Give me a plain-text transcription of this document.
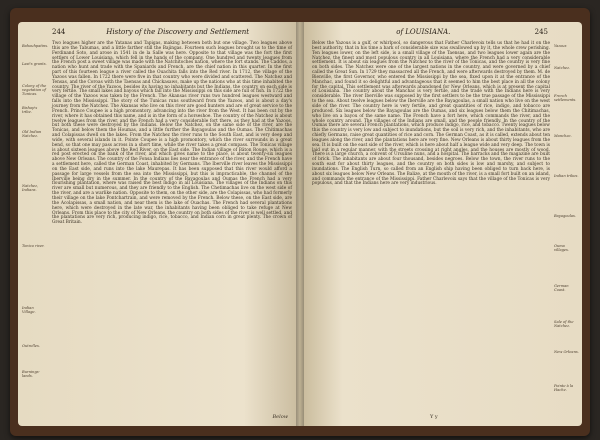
244	History of the Discovery and Settlement
Bahouhpatins.
Last's grants.
Colony of the vegetation of Tunicas.
Bishop's tribe.
Old Indian Natchez.
Natchez, Indians.
Tonico river.
Indian Village.
Outrelles.
Burnings-lands.
Two leagues higher are the Yatanas and Tapigas, making between both but one village. Two leagues above this are the Tabumas, and a little farther still the Bajingas. Fourteen such leagues brought us to the time of Ferdinand Soto, and arose in 1541 in de la Salle was here. Opposite to that village was the fort the first settlers of Lower Louisiana, which fell in the hands of the company. One hundred and twenty leagues from the French post a sweet village was made with the Natchitoches nation, where the fort stands. The Caddos, a nation who hunt and trade with the Spaniards and French, are the chief nation in this quarter. In the first part of this fourteen league a river called the Ouachita falls into the Red river. In 1712, the village of the Yazoos was fallen. In 1722 there were five in that country who were divided and scattered. The Natchez and Tensas, and the Coroas with the Taensas and Chickasaws, make up the nations who at this time inhabited the country. The river of the Yazoos, besides its having no inhabitants but the Indians, the country on each side is very fertile. The small lakes and bayous which fall into the Mississippi on this side are full of fish. In 1722 the village of the Yazoos was taken by the French. The Akansas river runs two hundred leagues westward and falls into the Mississippi. The story of the Tunicas runs southward from the Yazoos, and is about a day's journey from the Natchez. The Akansas who live on this river are good hunters and are of great service to the French. Prince Coupee is a high promontory, advancing into the river from the West. It has been cut by the river, where it has obtained this name, and is in the form of a horseshoe. The country of the Natchez is about twelve leagues from the river, and the French had a very considerable fort there, as they had at the Yazoos, but both these were destroyed by the Indians. Below the Natchez, on the same side of the river, are the Tonicas, and below them the Houmas, and a little further the Bayagoulas and the Oumas. The Chitimachas and Colapissas dwell on the lakes. From the Natchez the river runs to the South East, and is very deep and wide, with several islands in it. Pointe Coupee is a high promontory, which the river surrounds in a great bend, so that one may pass across in a short time, while the river takes a great compass. The Tonicas village is about sixteen leagues above the Red River, on the East side. The Indian village of Bâton Rouge, which is a red post erected on the bank of the river, and which gives name to the place, is about twenty-six leagues above New Orleans. The country of the Fonsa Indians lies near the entrance of the river, and the French have a settlement here, called the German Coast, inhabited by Germans. The Iberville river leaves the Mississippi on the East side, and runs into the lake Maurepas. It has been supposed that this river would afford a passage for large vessels from the sea into the Mississippi, but this is impracticable, the channel of the Iberville being dry in the summer. In the country of the Bayagoulas and Oumas the French had a very flourishing plantation, where was raised the best indigo in all Louisiana. The villages of the Indians on this river are small but numerous, and they are friendly to the English. The Chetimachas live on the west side of the river, and are a warlike nation. Opposite to them, on the other side, are the Colapissas, who had formerly their village on the lake Pontchartrain, and were removed by the French. Below these, on the East side, are the Acolapissas, a small nation, and near them is the lake of Ouachas. The French had several plantations here, which were destroyed in the late war, the inhabitants having been obliged to take refuge at New Orleans. From this place to the city of New Orleans, the country on both sides of the river is well settled, and the plantations are very rich, producing indigo, rice, tobacco, and Indian corn in great plenty. The crown of Great Britain.
Below
of LOUISIANA.	245
Below the Yazous is a gulf, or whirlpool, so dangerous that Father Charlevoix tells us that he had it on the best authority, that in his time a bark of considerable size was swallowed up by it, the whole crew perishing. Ten leagues lower, on the left side, is a small village of the Taensas, and two leagues lower again are the Natchez, the finest and most populous country in all Louisiana, where the French had a very considerable settlement. It is about six leagues from the Natchez to the river of the Tonicas, and the country is very fine on both sides. The Natchez were one of the largest nations in the country, and were governed by a chief called the Great Sun. In 1729 they massacred all the French, and were afterwards destroyed by them. M. de Bienville, the first Governor, who entered the Mississippi by the sea, fixed upon it at the entrance of the Manchac, and found it so delightful and advantageous that it seemed to him the best place in all the colony for the capital. This settlement was afterwards abandoned for New Orleans, which is at present the capital of Louisiana. The country about the Manchac is very fertile, and the trade with the Indians here is very considerable. The river Iberville was supposed by the first settlers to be the true passage of the Mississippi to the sea. About twelve leagues below the Iberville are the Bayagoulas, a small nation who live on the west side of the river. The country here is very fertile, and great quantities of rice, indigo, and tobacco are produced. Six leagues below the Bayagoulas are the Oumas, and six leagues below them the Chitimachas, who live on a bayou of the same name. The French have a fort here, which commands the river, and the whole country around. The villages of the Indians are small, and the people friendly. In the country of the Oumas there are several French plantations, which produce indigo, rice, and tobacco. Twenty leagues below this the country is very low and subject to inundations, but the soil is very rich, and the inhabitants, who are chiefly Germans, raise great quantities of rice and corn. The German Coast, as it is called, extends about ten leagues along the river, and the plantations here are very fine. New Orleans is about thirty leagues from the sea. It is built on the east side of the river, which is here about half a league wide and very deep. The town is laid out in a regular manner, with the streets crossing at right angles, and the houses are mostly of wood. There is a large church, a convent of Ursuline nuns, and a hospital. The barracks and the magazine are built of brick. The inhabitants are about four thousand, besides negroes. Below the town, the river runs to the south east for about thirty leagues, and the country on both sides is low and marshy, and subject to inundations. The English Turn, so called from an English ship having been obliged to turn back here, is about six leagues below New Orleans. The Balize, at the mouth of the river, is a small fort built on an island, and commands the entrance of the Mississippi. Father Charlevoix says that the village of the Tonicas is very populous, and that the Indians here are very industrious.
Yazous
Natchez.
French settlements.
Manchac.
Indian tribes.
Bayagoulas.
Ouma villages.
German Coast.
Sale of the Natchez.
New Orleans.
Pointe à la Hache.
Y y
